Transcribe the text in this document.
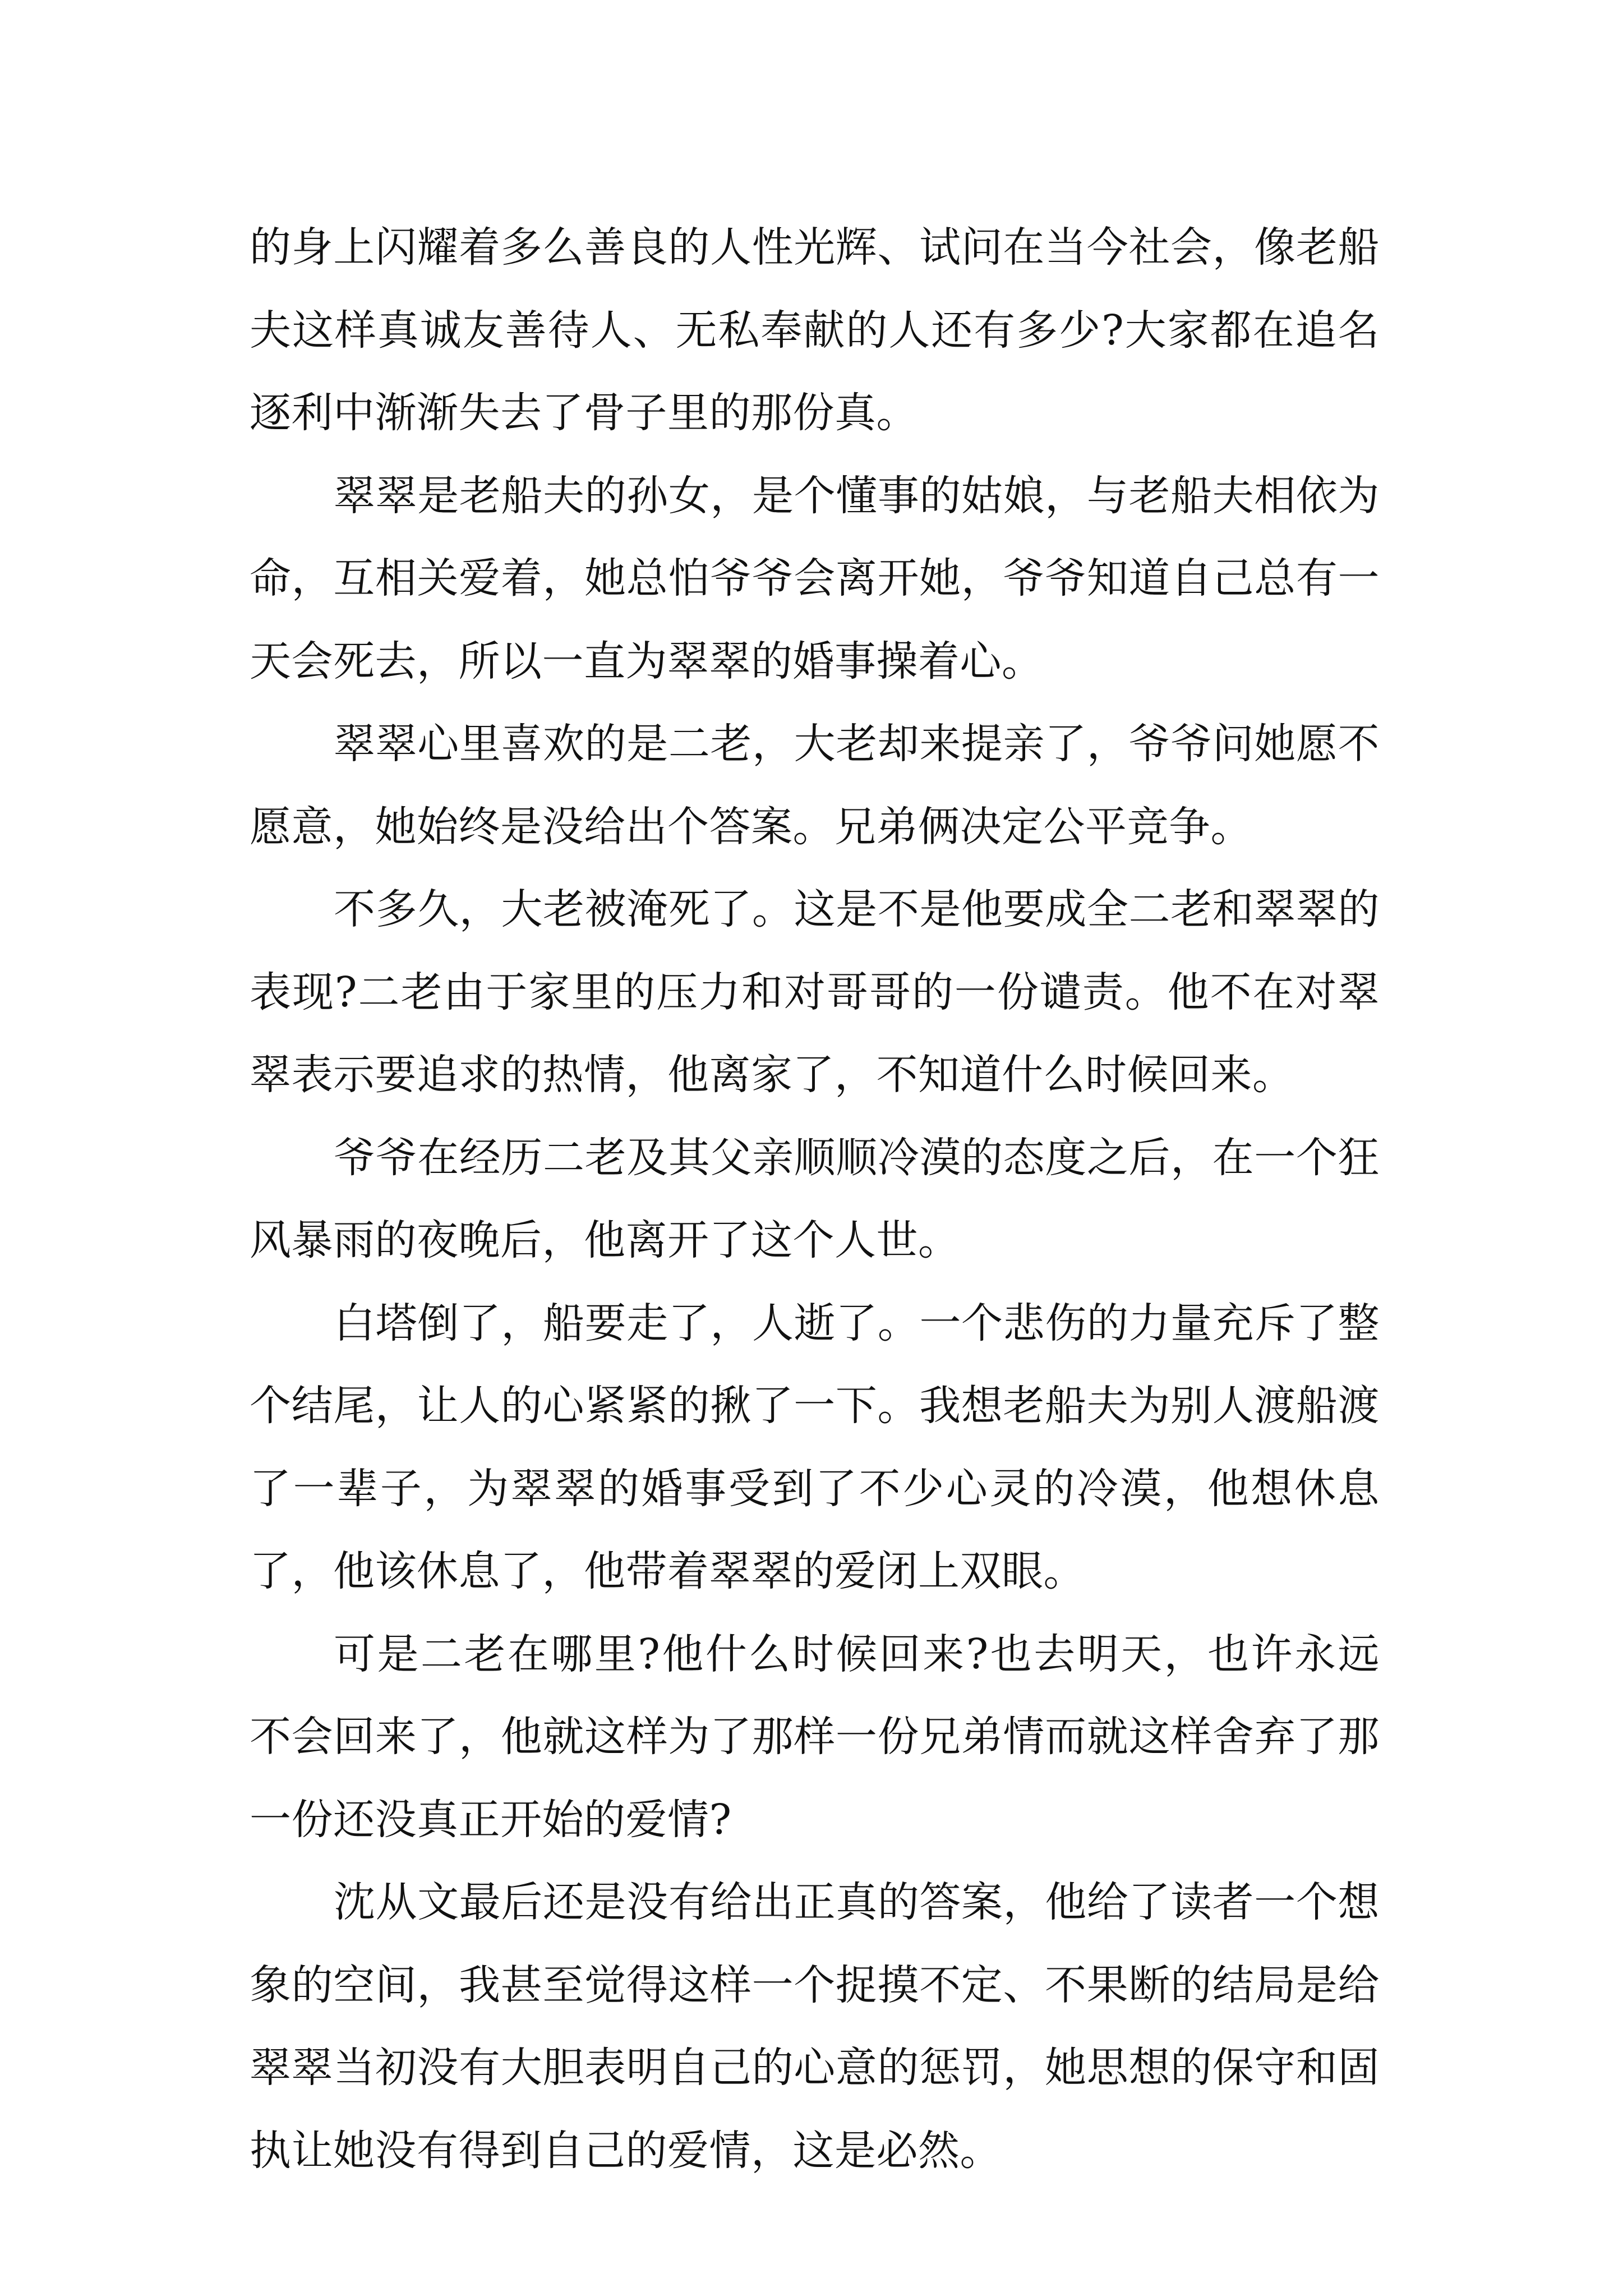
的身上闪耀着多么善良的人性光辉、试问在当今社会，像老船夫这样真诚友善待人、无私奉献的人还有多少?大家都在追名逐利中渐渐失去了骨子里的那份真。

翠翠是老船夫的孙女，是个懂事的姑娘，与老船夫相依为命，互相关爱着，她总怕爷爷会离开她，爷爷知道自己总有一天会死去，所以一直为翠翠的婚事操着心。

翠翠心里喜欢的是二老，大老却来提亲了，爷爷问她愿不愿意，她始终是没给出个答案。兄弟俩决定公平竞争。

不多久，大老被淹死了。这是不是他要成全二老和翠翠的表现?二老由于家里的压力和对哥哥的一份谴责。他不在对翠翠表示要追求的热情，他离家了，不知道什么时候回来。

爷爷在经历二老及其父亲顺顺冷漠的态度之后，在一个狂风暴雨的夜晚后，他离开了这个人世。

白塔倒了，船要走了，人逝了。一个悲伤的力量充斥了整个结尾，让人的心紧紧的揪了一下。我想老船夫为别人渡船渡了一辈子，为翠翠的婚事受到了不少心灵的冷漠，他想休息了，他该休息了，他带着翠翠的爱闭上双眼。

可是二老在哪里?他什么时候回来?也去明天，也许永远不会回来了，他就这样为了那样一份兄弟情而就这样舍弃了那一份还没真正开始的爱情?

沈从文最后还是没有给出正真的答案，他给了读者一个想象的空间，我甚至觉得这样一个捉摸不定、不果断的结局是给翠翠当初没有大胆表明自己的心意的惩罚，她思想的保守和固执让她没有得到自己的爱情，这是必然。
